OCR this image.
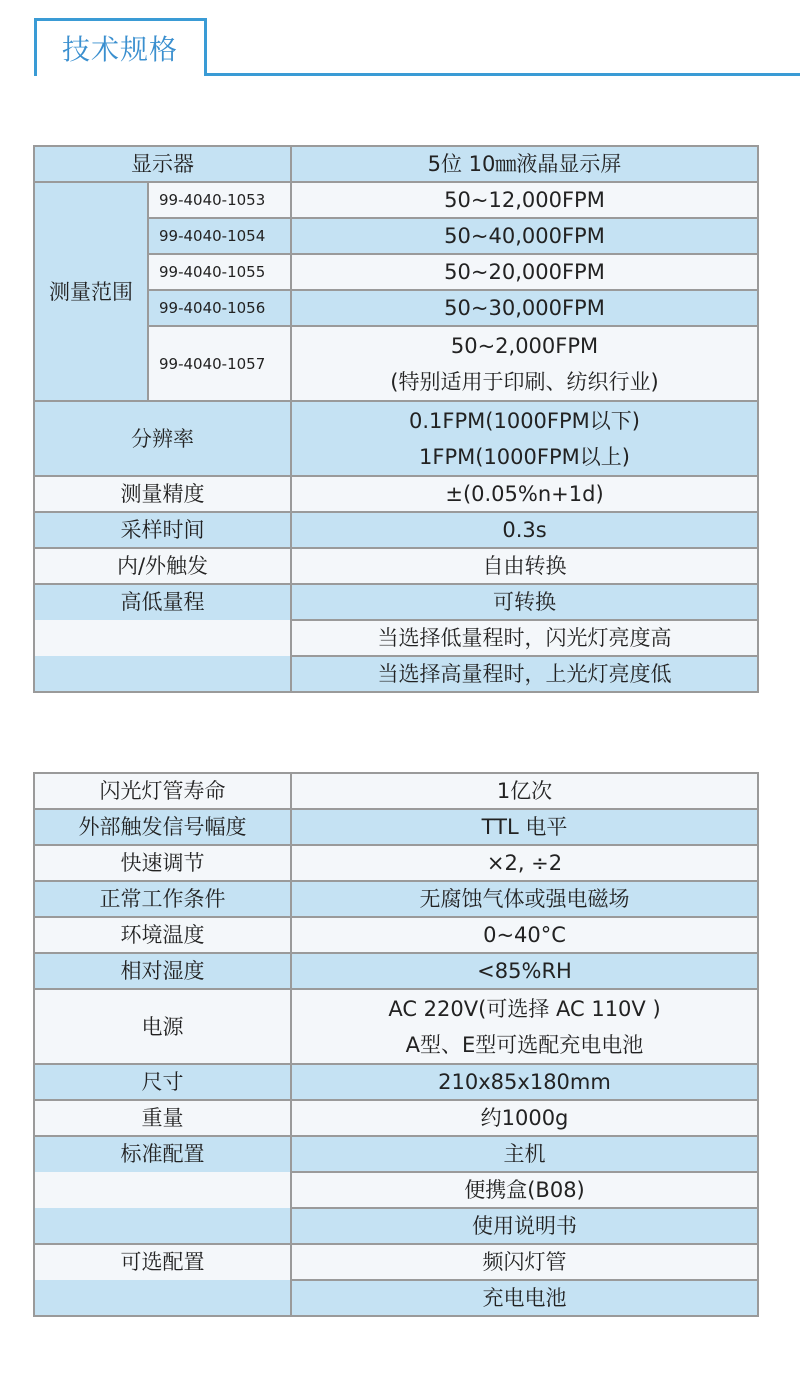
技术规格
显示器		5位 10㎜液晶显示屏
测量范围	99-4040-1053	50~12,000FPM
	99-4040-1054	50~40,000FPM
	99-4040-1055	50~20,000FPM
	99-4040-1056	50~30,000FPM
	99-4040-1057	50~2,000FPM
(特别适用于印刷、纺织行业)

分辨率		0.1FPM(1000FPM以下)
1FPM(1000FPM以上)

测量精度		±(0.05%n+1d)
采样时间		0.3s
内/外触发		自由转换
高低量程		可转换
		当选择低量程时，闪光灯亮度高
		当选择高量程时，上光灯亮度低
闪光灯管寿命	1亿次
外部触发信号幅度	TTL 电平
快速调节	×2, ÷2
正常工作条件	无腐蚀气体或强电磁场
环境温度	0~40°C
相对湿度	<85%RH
电源	AC 220V(可选择 AC 110V )
A型、E型可选配充电电池

尺寸	210x85x180mm
重量	约1000g
标准配置	主机
	便携盒(B08)
	使用说明书
可选配置	频闪灯管
	充电电池
